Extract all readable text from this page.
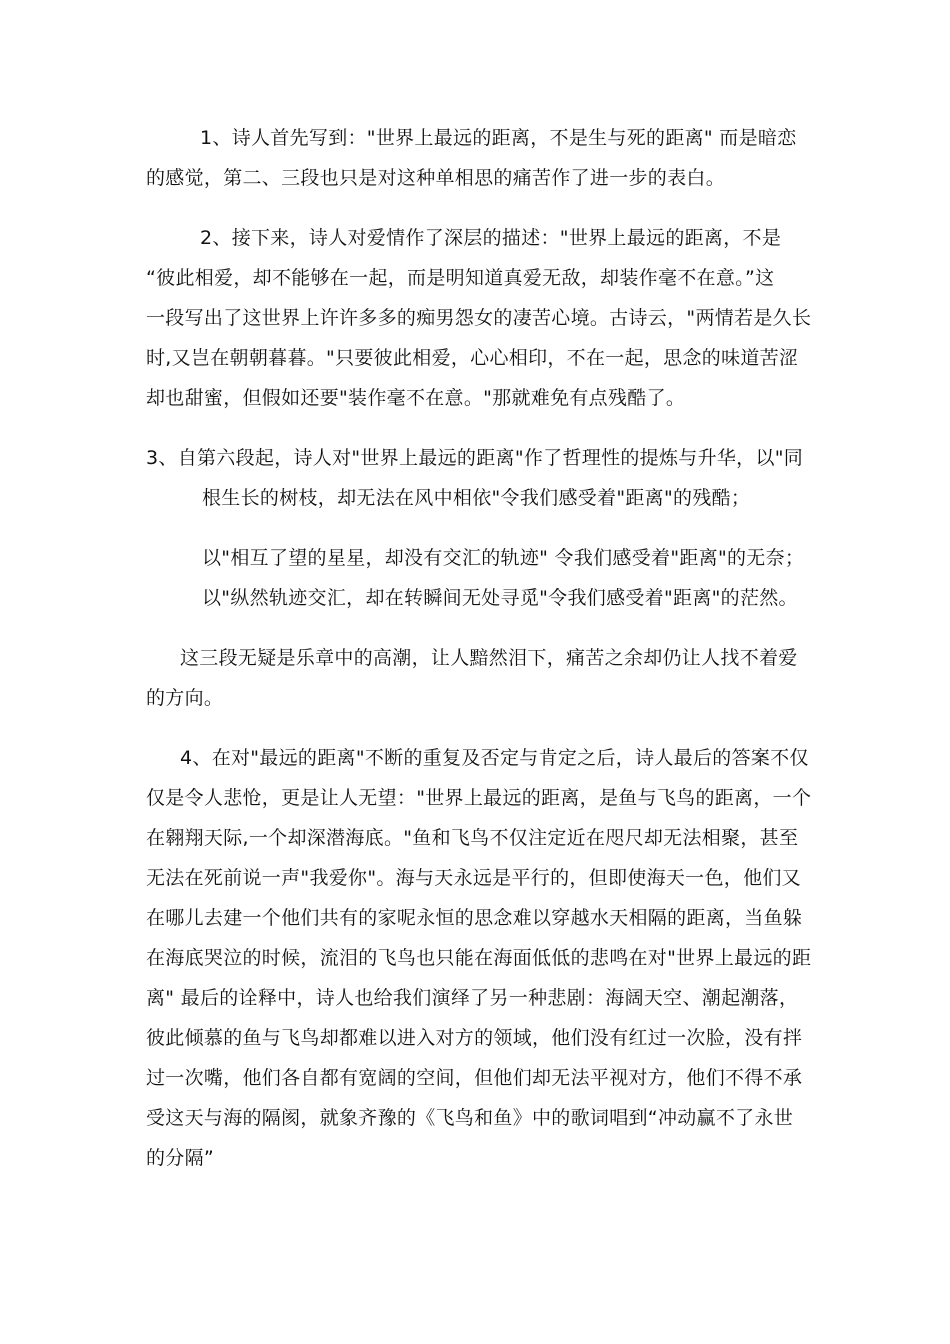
1、诗人首先写到："世界上最远的距离，不是生与死的距离" 而是暗恋
的感觉，第二、三段也只是对这种单相思的痛苦作了进一步的表白。
2、接下来，诗人对爱情作了深层的描述："世界上最远的距离，不是
“彼此相爱，却不能够在一起，而是明知道真爱无敌，却装作毫不在意。”这
一段写出了这世界上许许多多的痴男怨女的凄苦心境。古诗云，"两情若是久长
时,又岂在朝朝暮暮。"只要彼此相爱，心心相印，不在一起，思念的味道苦涩
却也甜蜜，但假如还要"装作毫不在意。"那就难免有点残酷了。
3、自第六段起，诗人对"世界上最远的距离"作了哲理性的提炼与升华，以"同
根生长的树枝，却无法在风中相依"令我们感受着"距离"的残酷；
以"相互了望的星星，却没有交汇的轨迹" 令我们感受着"距离"的无奈；
以"纵然轨迹交汇，却在转瞬间无处寻觅"令我们感受着"距离"的茫然。
这三段无疑是乐章中的高潮，让人黯然泪下，痛苦之余却仍让人找不着爱
的方向。
4、在对"最远的距离"不断的重复及否定与肯定之后，诗人最后的答案不仅
仅是令人悲怆，更是让人无望："世界上最远的距离，是鱼与飞鸟的距离，一个
在翱翔天际,一个却深潜海底。"鱼和飞鸟不仅注定近在咫尺却无法相聚，甚至
无法在死前说一声"我爱你"。海与天永远是平行的，但即使海天一色，他们又
在哪儿去建一个他们共有的家呢永恒的思念难以穿越水天相隔的距离，当鱼躲
在海底哭泣的时候，流泪的飞鸟也只能在海面低低的悲鸣在对"世界上最远的距
离" 最后的诠释中，诗人也给我们演绎了另一种悲剧：海阔天空、潮起潮落，
彼此倾慕的鱼与飞鸟却都难以进入对方的领域，他们没有红过一次脸，没有拌
过一次嘴，他们各自都有宽阔的空间，但他们却无法平视对方，他们不得不承
受这天与海的隔阂，就象齐豫的《飞鸟和鱼》中的歌词唱到“冲动赢不了永世
的分隔”
